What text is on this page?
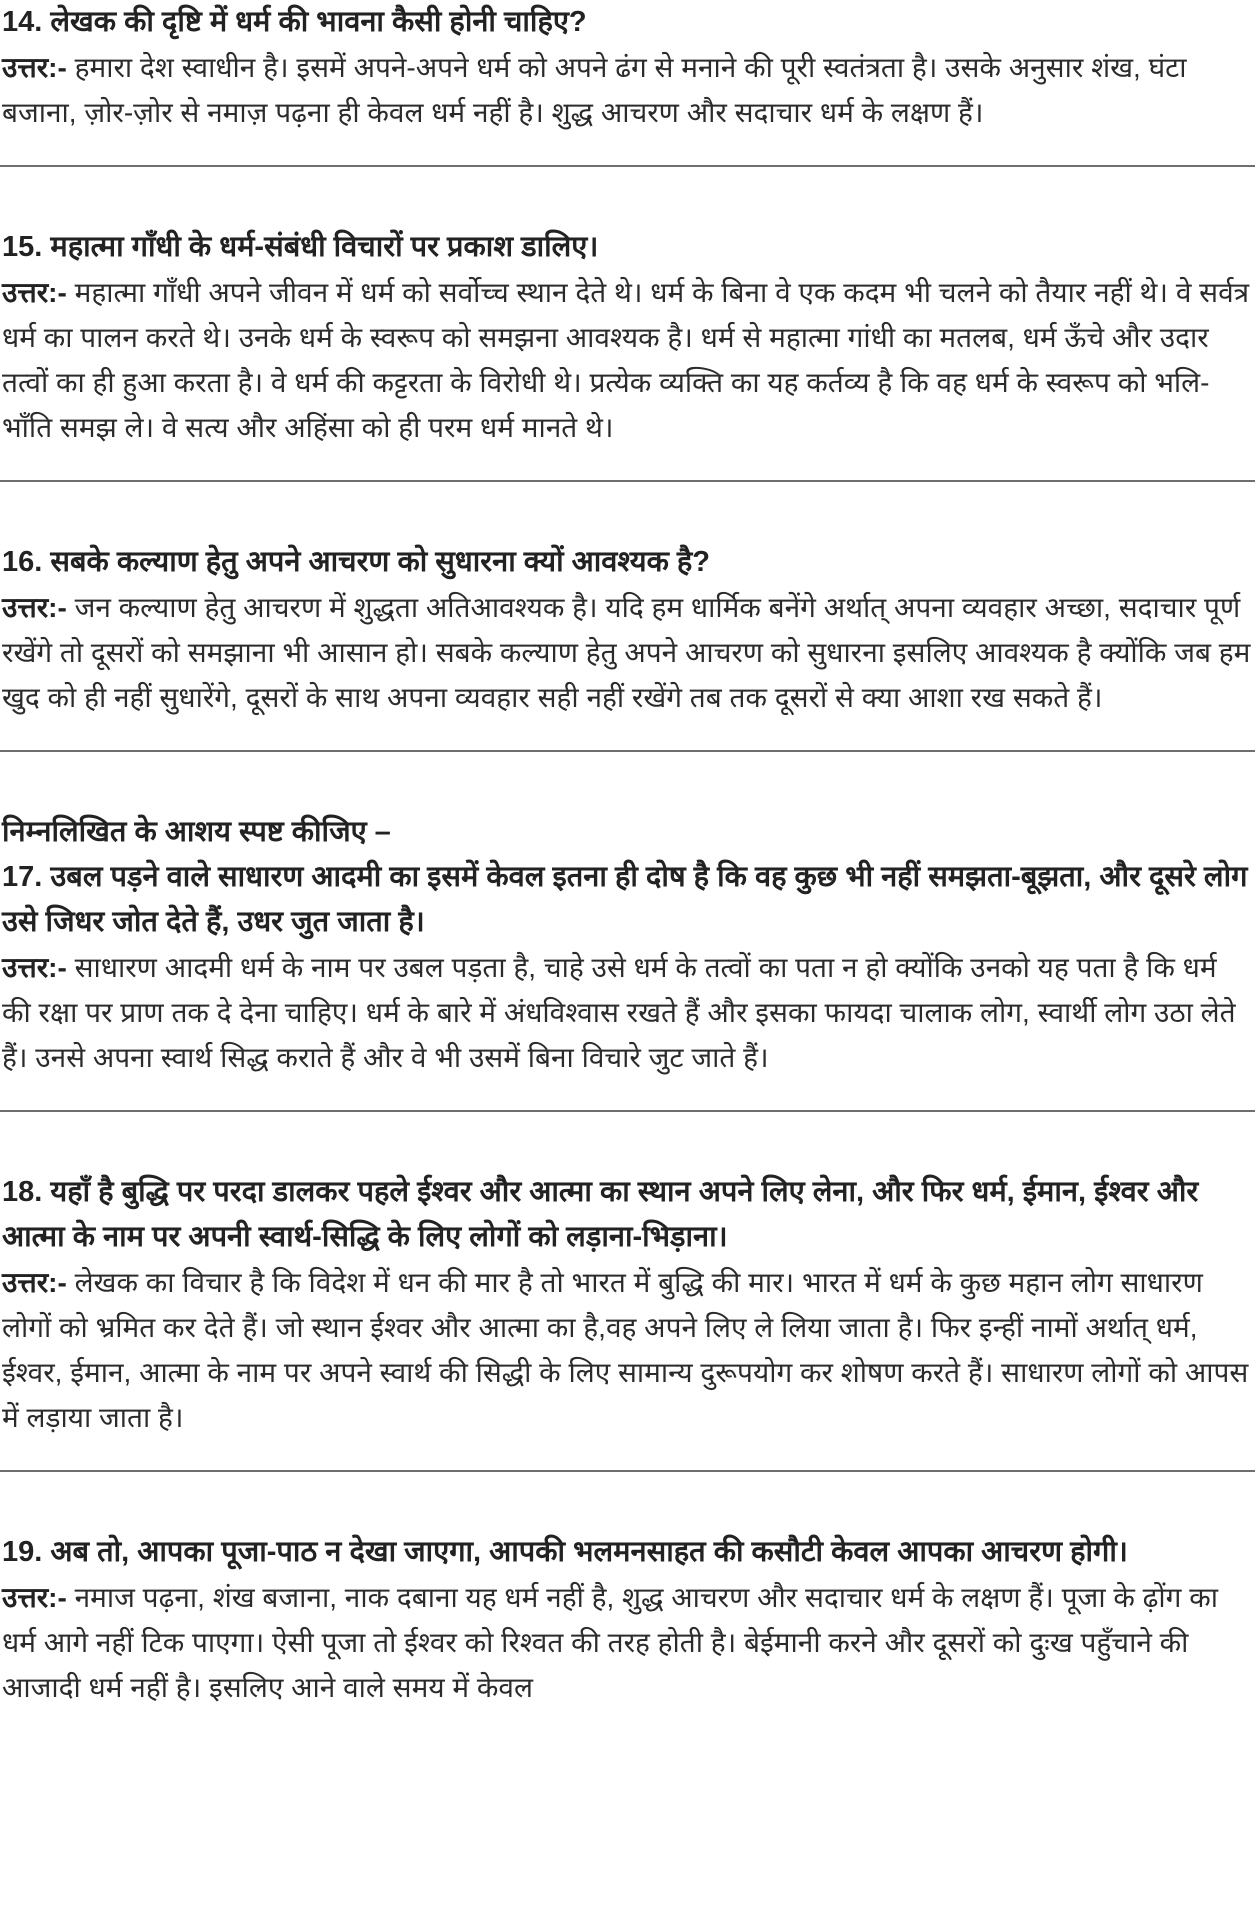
14. लेखक की दृष्टि में धर्म की भावना कैसी होनी चाहिए?

उत्तर:- हमारा देश स्वाधीन है। इसमें अपने-अपने धर्म को अपने ढंग से मनाने की पूरी स्वतंत्रता है। उसके अनुसार शंख, घंटा बजाना, ज़ोर-ज़ोर से नमाज़ पढ़ना ही केवल धर्म नहीं है। शुद्ध आचरण और सदाचार धर्म के लक्षण हैं।

15. महात्मा गाँधी के धर्म-संबंधी विचारों पर प्रकाश डालिए।

उत्तर:- महात्मा गाँधी अपने जीवन में धर्म को सर्वोच्च स्थान देते थे। धर्म के बिना वे एक कदम भी चलने को तैयार नहीं थे। वे सर्वत्र धर्म का पालन करते थे। उनके धर्म के स्वरूप को समझना आवश्यक है। धर्म से महात्मा गांधी का मतलब, धर्म ऊँचे और उदार तत्वों का ही हुआ करता है। वे धर्म की कट्टरता के विरोधी थे। प्रत्येक व्यक्ति का यह कर्तव्य है कि वह धर्म के स्वरूप को भलि-भाँति समझ ले। वे सत्य और अहिंसा को ही परम धर्म मानते थे।

16. सबके कल्याण हेतु अपने आचरण को सुधारना क्यों आवश्यक है?

उत्तर:- जन कल्याण हेतु आचरण में शुद्धता अतिआवश्यक है। यदि हम धार्मिक बनेंगे अर्थात् अपना व्यवहार अच्छा, सदाचार पूर्ण रखेंगे तो दूसरों को समझाना भी आसान हो। सबके कल्याण हेतु अपने आचरण को सुधारना इसलिए आवश्यक है क्योंकि जब हम खुद को ही नहीं सुधारेंगे, दूसरों के साथ अपना व्यवहार सही नहीं रखेंगे तब तक दूसरों से क्या आशा रख सकते हैं।

निम्नलिखित के आशय स्पष्ट कीजिए –

17. उबल पड़ने वाले साधारण आदमी का इसमें केवल इतना ही दोष है कि वह कुछ भी नहीं समझता-बूझता, और दूसरे लोग उसे जिधर जोत देते हैं, उधर जुत जाता है।

उत्तर:- साधारण आदमी धर्म के नाम पर उबल पड़ता है, चाहे उसे धर्म के तत्वों का पता न हो क्योंकि उनको यह पता है कि धर्म की रक्षा पर प्राण तक दे देना चाहिए। धर्म के बारे में अंधविश्वास रखते हैं और इसका फायदा चालाक लोग, स्वार्थी लोग उठा लेते हैं। उनसे अपना स्वार्थ सिद्ध कराते हैं और वे भी उसमें बिना विचारे जुट जाते हैं।

18. यहाँ है बुद्धि पर परदा डालकर पहले ईश्वर और आत्मा का स्थान अपने लिए लेना, और फिर धर्म, ईमान, ईश्वर और आत्मा के नाम पर अपनी स्वार्थ-सिद्धि के लिए लोगों को लड़ाना-भिड़ाना।

उत्तर:- लेखक का विचार है कि विदेश में धन की मार है तो भारत में बुद्धि की मार। भारत में धर्म के कुछ महान लोग साधारण लोगों को भ्रमित कर देते हैं। जो स्थान ईश्वर और आत्मा का है,वह अपने लिए ले लिया जाता है। फिर इन्हीं नामों अर्थात् धर्म, ईश्वर, ईमान, आत्मा के नाम पर अपने स्वार्थ की सिद्धी के लिए सामान्य दुरूपयोग कर शोषण करते हैं। साधारण लोगों को आपस में लड़ाया जाता है।

19. अब तो, आपका पूजा-पाठ न देखा जाएगा, आपकी भलमनसाहत की कसौटी केवल आपका आचरण होगी।

उत्तर:- नमाज पढ़ना, शंख बजाना, नाक दबाना यह धर्म नहीं है, शुद्ध आचरण और सदाचार धर्म के लक्षण हैं। पूजा के ढ़ोंग का धर्म आगे नहीं टिक पाएगा। ऐसी पूजा तो ईश्वर को रिश्वत की तरह होती है। बेईमानी करने और दूसरों को दुःख पहुँचाने की आजादी धर्म नहीं है। इसलिए आने वाले समय में केवल
